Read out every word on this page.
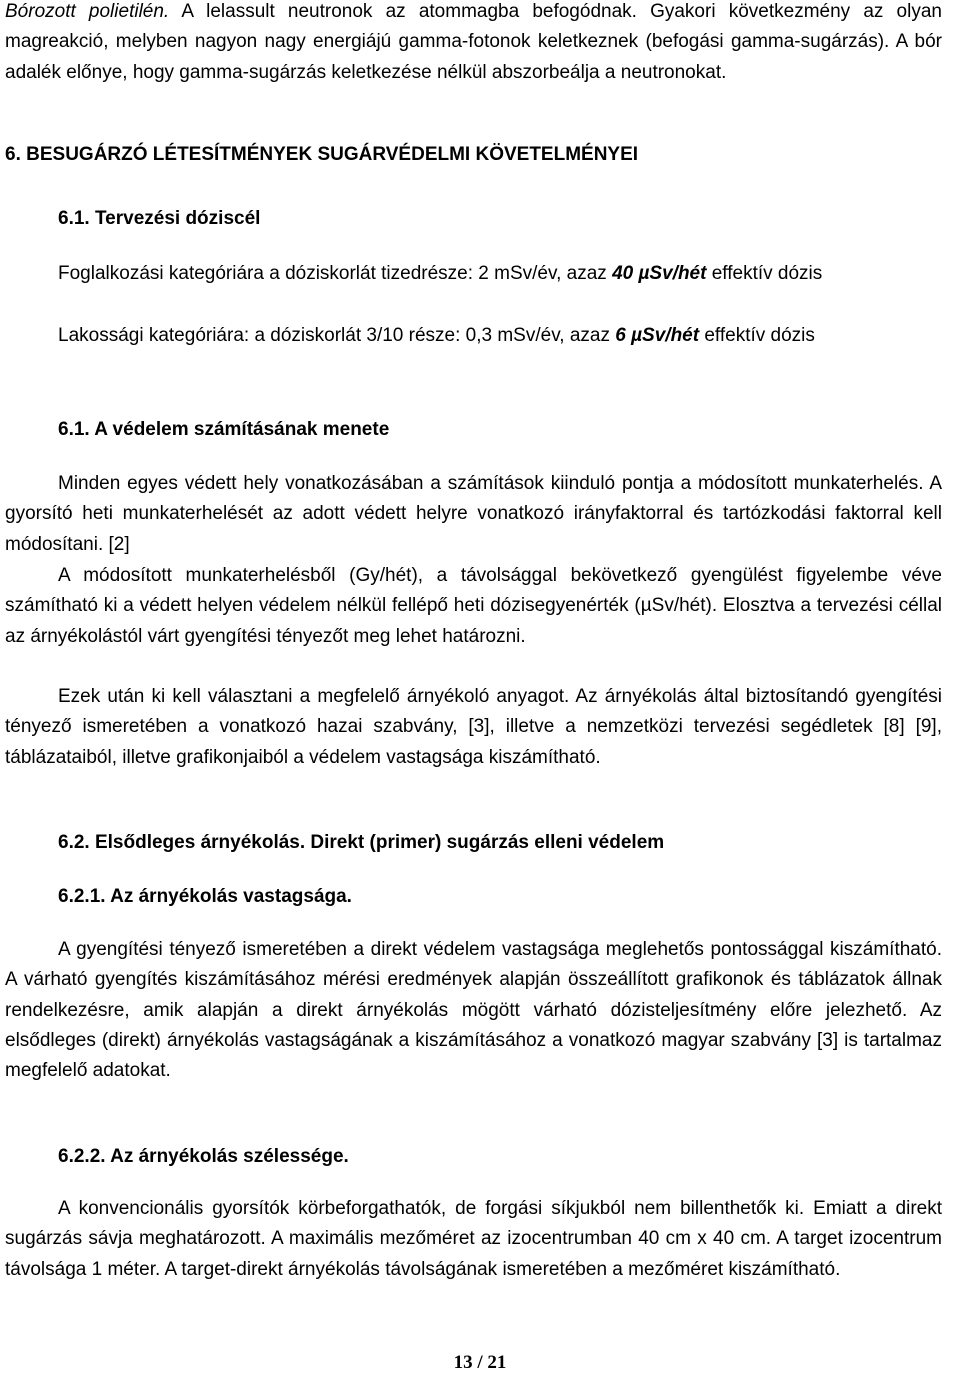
Bórozott polietilén. A lelassult neutronok az atommagba befogódnak. Gyakori következmény az olyan magreakció, melyben nagyon nagy energiájú gamma-fotonok keletkeznek (befogási gamma-sugárzás). A bór adalék előnye, hogy gamma-sugárzás keletkezése nélkül abszorbeálja a neutronokat.

6. BESUGÁRZÓ LÉTESÍTMÉNYEK SUGÁRVÉDELMI KÖVETELMÉNYEI
6.1. Tervezési dóziscél

Foglalkozási kategóriára a dóziskorlát tizedrésze: 2 mSv/év, azaz 40 µSv/hét effektív dózis

Lakossági kategóriára: a dóziskorlát 3/10 része: 0,3 mSv/év, azaz 6 µSv/hét effektív dózis

6.1. A védelem számításának menete

Minden egyes védett hely vonatkozásában a számítások kiinduló pontja a módosított munkaterhelés. A gyorsító heti munkaterhelését az adott védett helyre vonatkozó irányfaktorral és tartózkodási faktorral kell módosítani. [2]

A módosított munkaterhelésből (Gy/hét), a távolsággal bekövetkező gyengülést figyelembe véve számítható ki a védett helyen védelem nélkül fellépő heti dózisegyenérték (µSv/hét). Elosztva a tervezési céllal az árnyékolástól várt gyengítési tényezőt meg lehet határozni.

Ezek után ki kell választani a megfelelő árnyékoló anyagot. Az árnyékolás által biztosítandó gyengítési tényező ismeretében a vonatkozó hazai szabvány, [3], illetve a nemzetközi tervezési segédletek [8] [9], táblázataiból, illetve grafikonjaiból a védelem vastagsága kiszámítható.

6.2. Elsődleges árnyékolás. Direkt (primer) sugárzás elleni védelem
6.2.1. Az árnyékolás vastagsága.

A gyengítési tényező ismeretében a direkt védelem vastagsága meglehetős pontossággal kiszámítható. A várható gyengítés kiszámításához mérési eredmények alapján összeállított grafikonok és táblázatok állnak rendelkezésre, amik alapján a direkt árnyékolás mögött várható dózisteljesítmény előre jelezhető. Az elsődleges (direkt) árnyékolás vastagságának a kiszámításához a vonatkozó magyar szabvány [3] is tartalmaz megfelelő adatokat.

6.2.2. Az árnyékolás szélessége.

A konvencionális gyorsítók körbeforgathatók, de forgási síkjukból nem billenthetők ki. Emiatt a direkt sugárzás sávja meghatározott. A maximális mezőméret az izocentrumban 40 cm x 40 cm. A target izocentrum távolsága 1 méter. A target-direkt árnyékolás távolságának ismeretében a mezőméret kiszámítható.

13 / 21
